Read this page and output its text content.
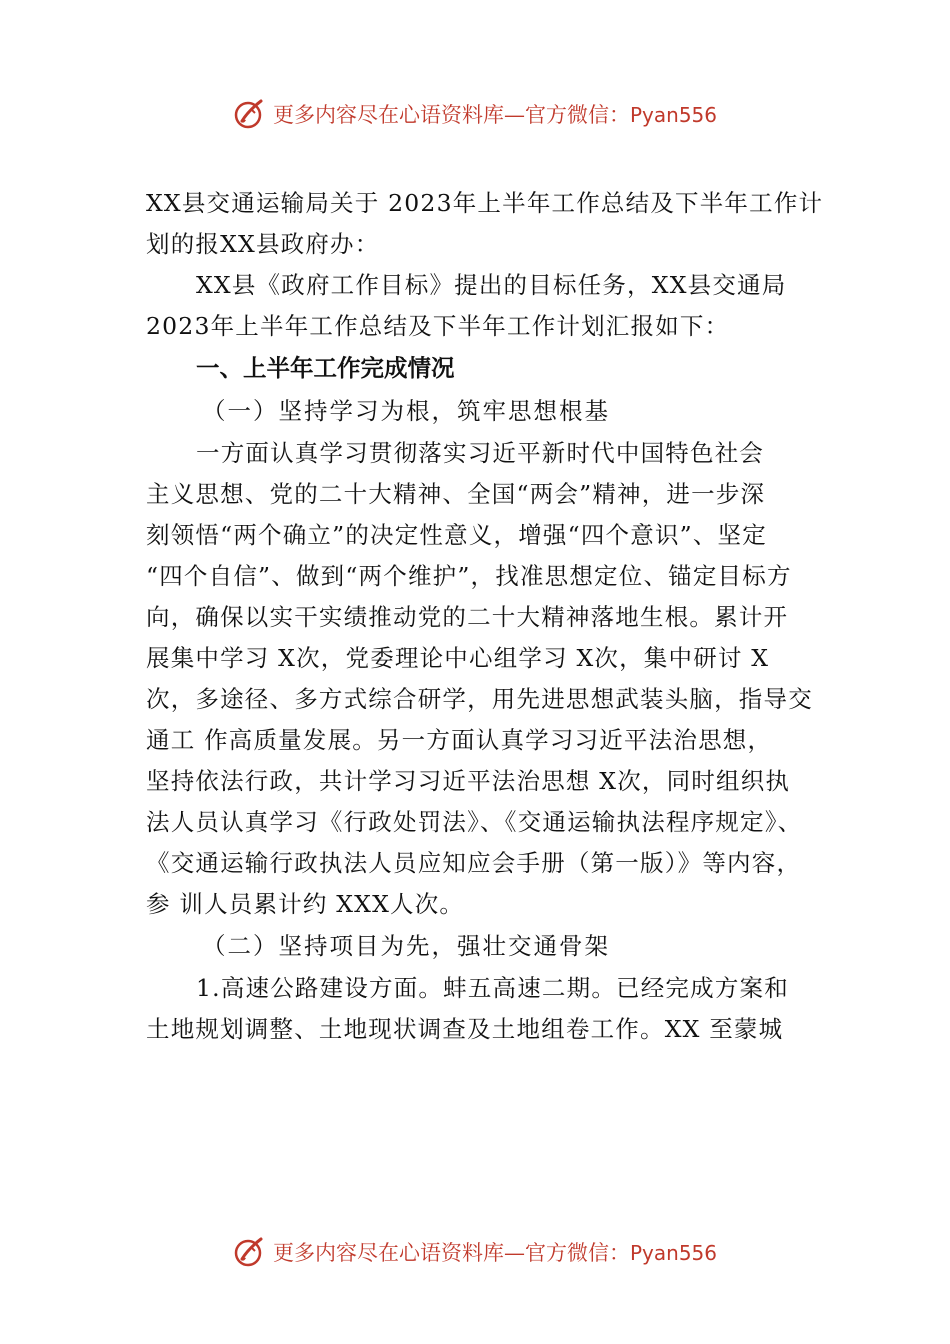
更多内容尽在心语资料库—官方微信：Pyan556
XX县交通运输局关于 2023年上半年工作总结及下半年工作计
划的报XX县政府办：
XX县《政府工作目标》提出的目标任务，XX县交通局
2023年上半年工作总结及下半年工作计划汇报如下：
一、上半年工作完成情况
（一）坚持学习为根，筑牢思想根基
一方面认真学习贯彻落实习近平新时代中国特色社会
主义思想、党的二十大精神、全国“两会”精神，进一步深
刻领悟“两个确立”的决定性意义，增强“四个意识”、坚定
“四个自信”、做到“两个维护”，找准思想定位、锚定目标方
向，确保以实干实绩推动党的二十大精神落地生根。累计开
展集中学习 X次，党委理论中心组学习 X次，集中研讨 X
次，多途径、多方式综合研学，用先进思想武装头脑，指导交
通工 作高质量发展。另一方面认真学习习近平法治思想，
坚持依法行政，共计学习习近平法治思想 X次，同时组织执
法人员认真学习《行政处罚法》、《交通运输执法程序规定》、
《交通运输行政执法人员应知应会手册（第一版）》等内容，
参 训人员累计约 XXX人次。
（二）坚持项目为先，强壮交通骨架
1.高速公路建设方面。蚌五高速二期。已经完成方案和
土地规划调整、土地现状调查及土地组卷工作。XX 至蒙城
更多内容尽在心语资料库—官方微信：Pyan556
